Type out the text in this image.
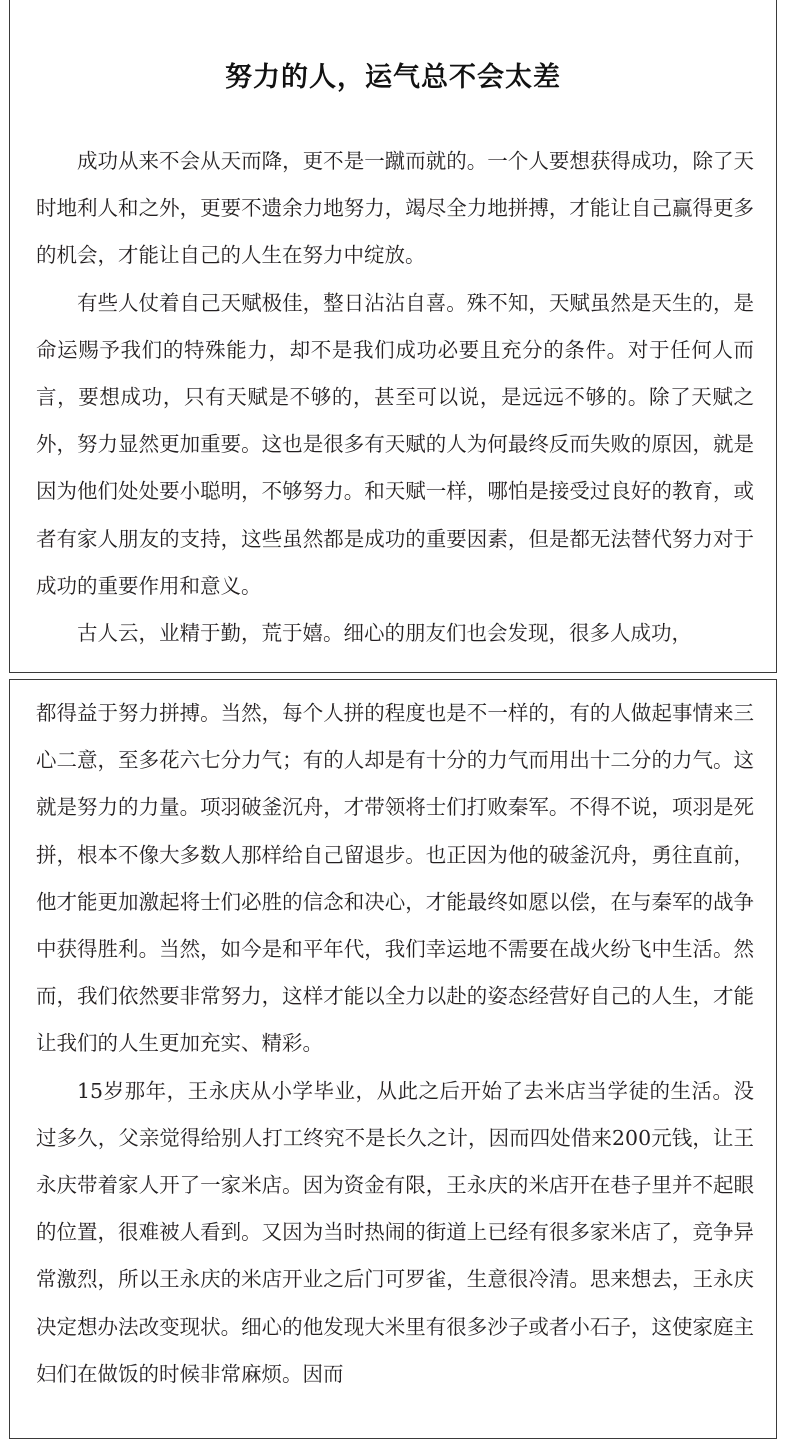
努力的人，运气总不会太差

成功从来不会从天而降，更不是一蹴而就的。一个人要想获得成功，除了天时地利人和之外，更要不遗余力地努力，竭尽全力地拼搏，才能让自己赢得更多的机会，才能让自己的人生在努力中绽放。

有些人仗着自己天赋极佳，整日沾沾自喜。殊不知，天赋虽然是天生的，是命运赐予我们的特殊能力，却不是我们成功必要且充分的条件。对于任何人而言，要想成功，只有天赋是不够的，甚至可以说，是远远不够的。除了天赋之外，努力显然更加重要。这也是很多有天赋的人为何最终反而失败的原因，就是因为他们处处要小聪明，不够努力。和天赋一样，哪怕是接受过良好的教育，或者有家人朋友的支持，这些虽然都是成功的重要因素，但是都无法替代努力对于成功的重要作用和意义。

古人云，业精于勤，荒于嬉。细心的朋友们也会发现，很多人成功，

都得益于努力拼搏。当然，每个人拼的程度也是不一样的，有的人做起事情来三心二意，至多花六七分力气；有的人却是有十分的力气而用出十二分的力气。这就是努力的力量。项羽破釜沉舟，才带领将士们打败秦军。不得不说，项羽是死拼，根本不像大多数人那样给自己留退步。也正因为他的破釜沉舟，勇往直前，他才能更加激起将士们必胜的信念和决心，才能最终如愿以偿，在与秦军的战争中获得胜利。当然，如今是和平年代，我们幸运地不需要在战火纷飞中生活。然而，我们依然要非常努力，这样才能以全力以赴的姿态经营好自己的人生，才能让我们的人生更加充实、精彩。

15岁那年，王永庆从小学毕业，从此之后开始了去米店当学徒的生活。没过多久，父亲觉得给别人打工终究不是长久之计，因而四处借来200元钱，让王永庆带着家人开了一家米店。因为资金有限，王永庆的米店开在巷子里并不起眼的位置，很难被人看到。又因为当时热闹的街道上已经有很多家米店了，竞争异常激烈，所以王永庆的米店开业之后门可罗雀，生意很冷清。思来想去，王永庆决定想办法改变现状。细心的他发现大米里有很多沙子或者小石子，这使家庭主妇们在做饭的时候非常麻烦。因而
